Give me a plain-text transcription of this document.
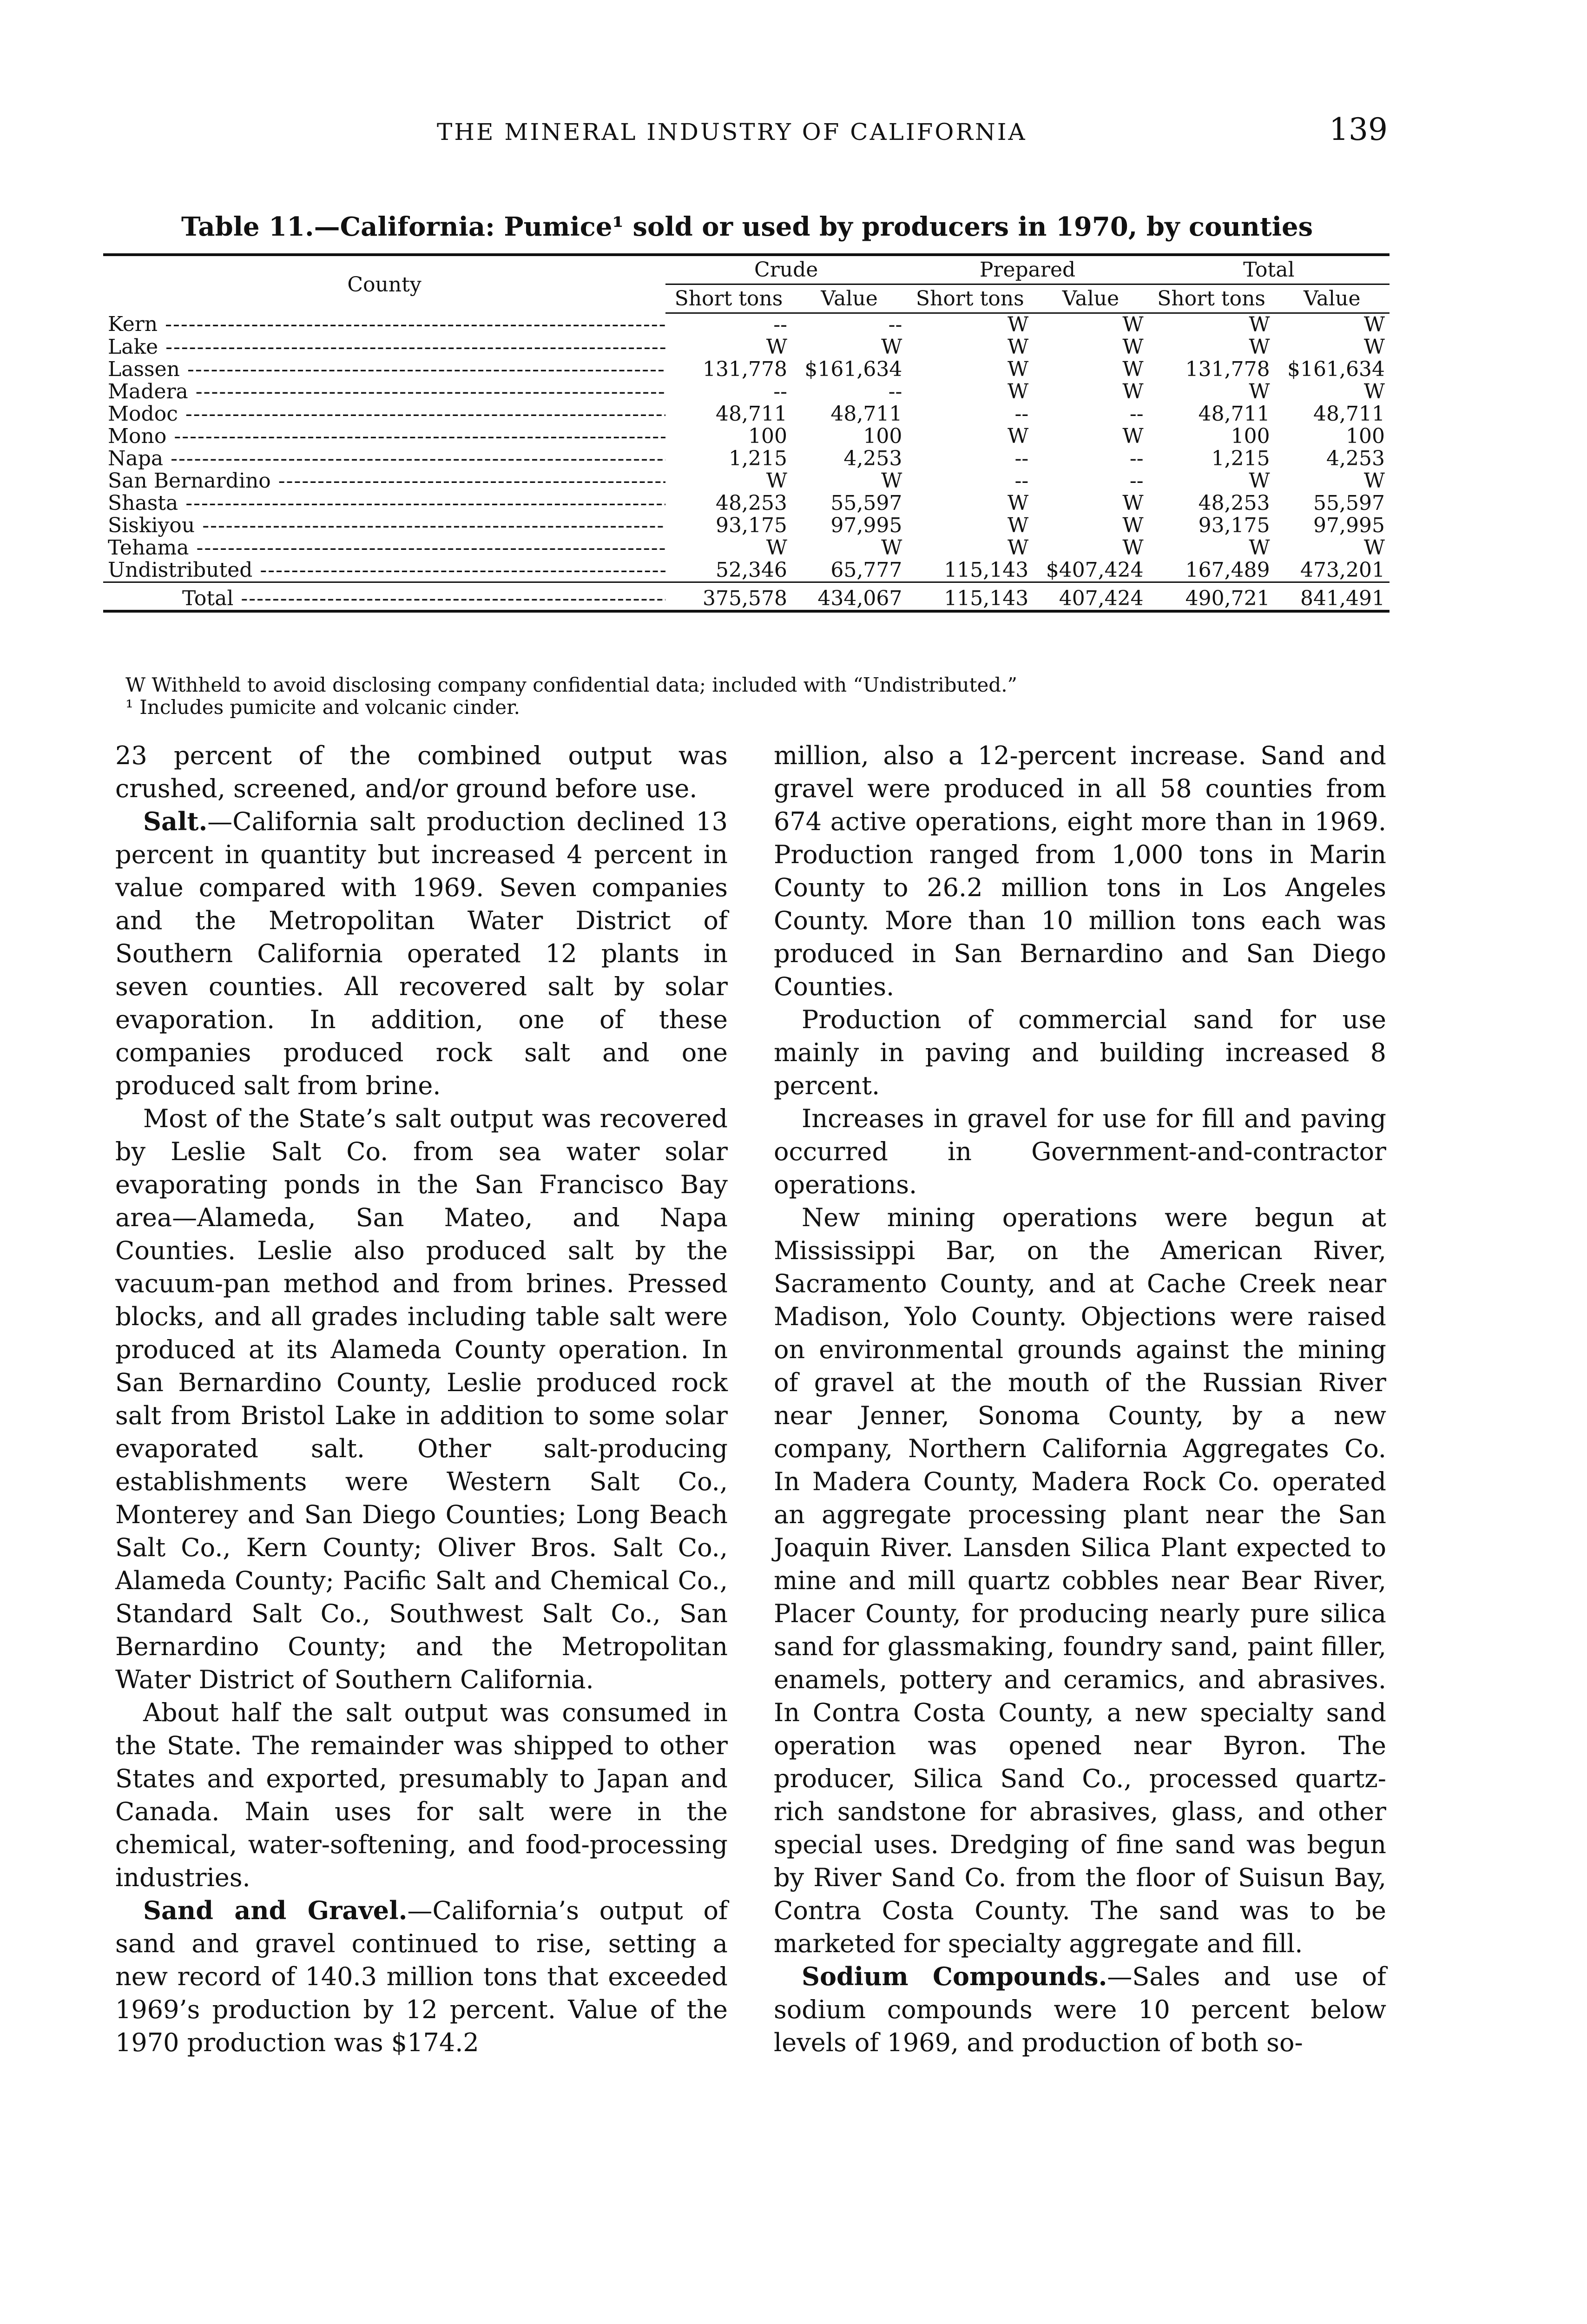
THE MINERAL INDUSTRY OF CALIFORNIA	139
Table 11.—California: Pumice¹ sold or used by producers in 1970, by counties
County	Crude		Prepared		Total	
	Short tons	Value	Short tons	Value	Short tons	Value
Kern -----	--	--	W	W	W	W
Lake -----	W	W	W	W	W	W
Lassen -----	131,778	$161,634	W	W	131,778	$161,634
Madera -----	--	--	W	W	W	W
Modoc -----	48,711	48,711	--	--	48,711	48,711
Mono -----	100	100	W	W	100	100
Napa -----	1,215	4,253	--	--	1,215	4,253
San Bernardino -----	W	W	--	--	W	W
Shasta -----	48,253	55,597	W	W	48,253	55,597
Siskiyou -----	93,175	97,995	W	W	93,175	97,995
Tehama -----	W	W	W	W	W	W
Undistributed -----	52,346	65,777	115,143	$407,424	167,489	473,201
Total -----	375,578	434,067	115,143	407,424	490,721	841,491
W Withheld to avoid disclosing company confidential data; included with “Undistributed.”
¹ Includes pumicite and volcanic cinder.

23 percent of the combined output was crushed, screened, and/or ground before use.

Salt.—California salt production declined 13 percent in quantity but increased 4 percent in value compared with 1969. Seven companies and the Metropolitan Water District of Southern California operated 12 plants in seven counties. All recovered salt by solar evaporation. In addition, one of these companies produced rock salt and one produced salt from brine.

Most of the State’s salt output was recovered by Leslie Salt Co. from sea water solar evaporating ponds in the San Francisco Bay area—Alameda, San Mateo, and Napa Counties. Leslie also produced salt by the vacuum-pan method and from brines. Pressed blocks, and all grades including table salt were produced at its Alameda County operation. In San Bernardino County, Leslie produced rock salt from Bristol Lake in addition to some solar evaporated salt. Other salt-producing establishments were Western Salt Co., Monterey and San Diego Counties; Long Beach Salt Co., Kern County; Oliver Bros. Salt Co., Alameda County; Pacific Salt and Chemical Co., Standard Salt Co., Southwest Salt Co., San Bernardino County; and the Metropolitan Water District of Southern California.

About half the salt output was consumed in the State. The remainder was shipped to other States and exported, presumably to Japan and Canada. Main uses for salt were in the chemical, water-softening, and food-processing industries.

Sand and Gravel.—California’s output of sand and gravel continued to rise, setting a new record of 140.3 million tons that exceeded 1969’s production by 12 percent. Value of the 1970 production was $174.2

million, also a 12-percent increase. Sand and gravel were produced in all 58 counties from 674 active operations, eight more than in 1969. Production ranged from 1,000 tons in Marin County to 26.2 million tons in Los Angeles County. More than 10 million tons each was produced in San Bernardino and San Diego Counties.

Production of commercial sand for use mainly in paving and building increased 8 percent.

Increases in gravel for use for fill and paving occurred in Government-and-contractor operations.

New mining operations were begun at Mississippi Bar, on the American River, Sacramento County, and at Cache Creek near Madison, Yolo County. Objections were raised on environmental grounds against the mining of gravel at the mouth of the Russian River near Jenner, Sonoma County, by a new company, Northern California Aggregates Co. In Madera County, Madera Rock Co. operated an aggregate processing plant near the San Joaquin River. Lansden Silica Plant expected to mine and mill quartz cobbles near Bear River, Placer County, for producing nearly pure silica sand for glassmaking, foundry sand, paint filler, enamels, pottery and ceramics, and abrasives. In Contra Costa County, a new specialty sand operation was opened near Byron. The producer, Silica Sand Co., processed quartz-rich sandstone for abrasives, glass, and other special uses. Dredging of fine sand was begun by River Sand Co. from the floor of Suisun Bay, Contra Costa County. The sand was to be marketed for specialty aggregate and fill.

Sodium Compounds.—Sales and use of sodium compounds were 10 percent below levels of 1969, and production of both so-
